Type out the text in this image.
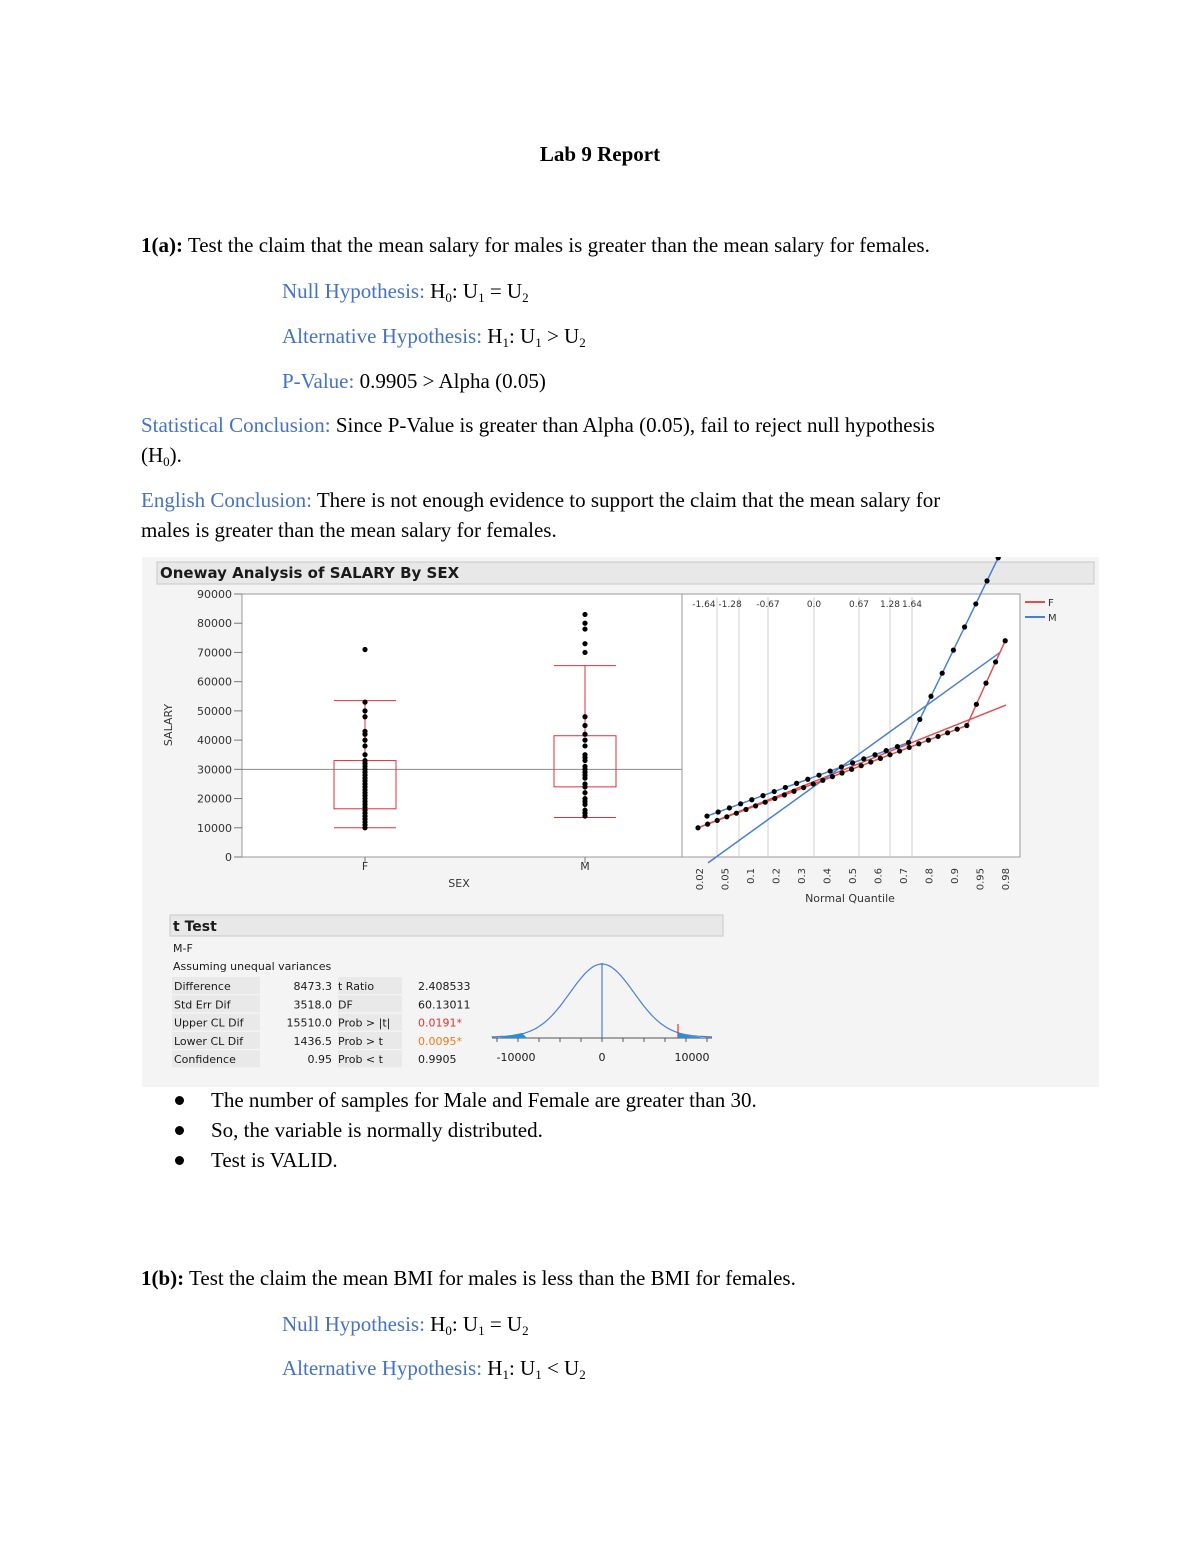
Lab 9 Report
1(a): Test the claim that the mean salary for males is greater than the mean salary for females.
Null Hypothesis: $H_0$: $U_1 = U_2$
Alternative Hypothesis: $H_1$: $U_1 > U_2$
P-Value: 0.9905 > Alpha (0.05)
Statistical Conclusion: Since P-Value is greater than Alpha (0.05), fail to reject null hypothesis
$(H_0)$.
English Conclusion: There is not enough evidence to support the claim that the mean salary for
males is greater than the mean salary for females.
Oneway Analysis of SALARY By SEX
90000
80000
70000
60000
50000
40000
30000
20000
10000
0
SALARY
F	M
SEX
-1.64 -1.28 -0.67	0.0	0.67 1.28 1.64
0.02 0.05 0.1 0.2 0.3 0.4 0.5 0.6 0.7 0.8 0.9 0.95 0.98
Normal Quantile
F
M
t Test
M-F
Assuming unequal variances
Difference	8473.3 t Ratio	2.408533
Std Err Dif	3518.0 DF	60.13011
Upper CL Dif	15510.0 Prob > |t|	0.0191*
Lower CL Dif	1436.5 Prob > t	0.0095*
Confidence	0.95 Prob < t	0.9905	-10000	0	10000
The number of samples for Male and Female are greater than 30.
So, the variable is normally distributed.
Test is VALID.
1(b): Test the claim the mean BMI for males is less than the BMI for females.
Null Hypothesis: $H_0$: $U_1 = U_2$
Alternative Hypothesis: $H_1$: $U_1 < U_2$
